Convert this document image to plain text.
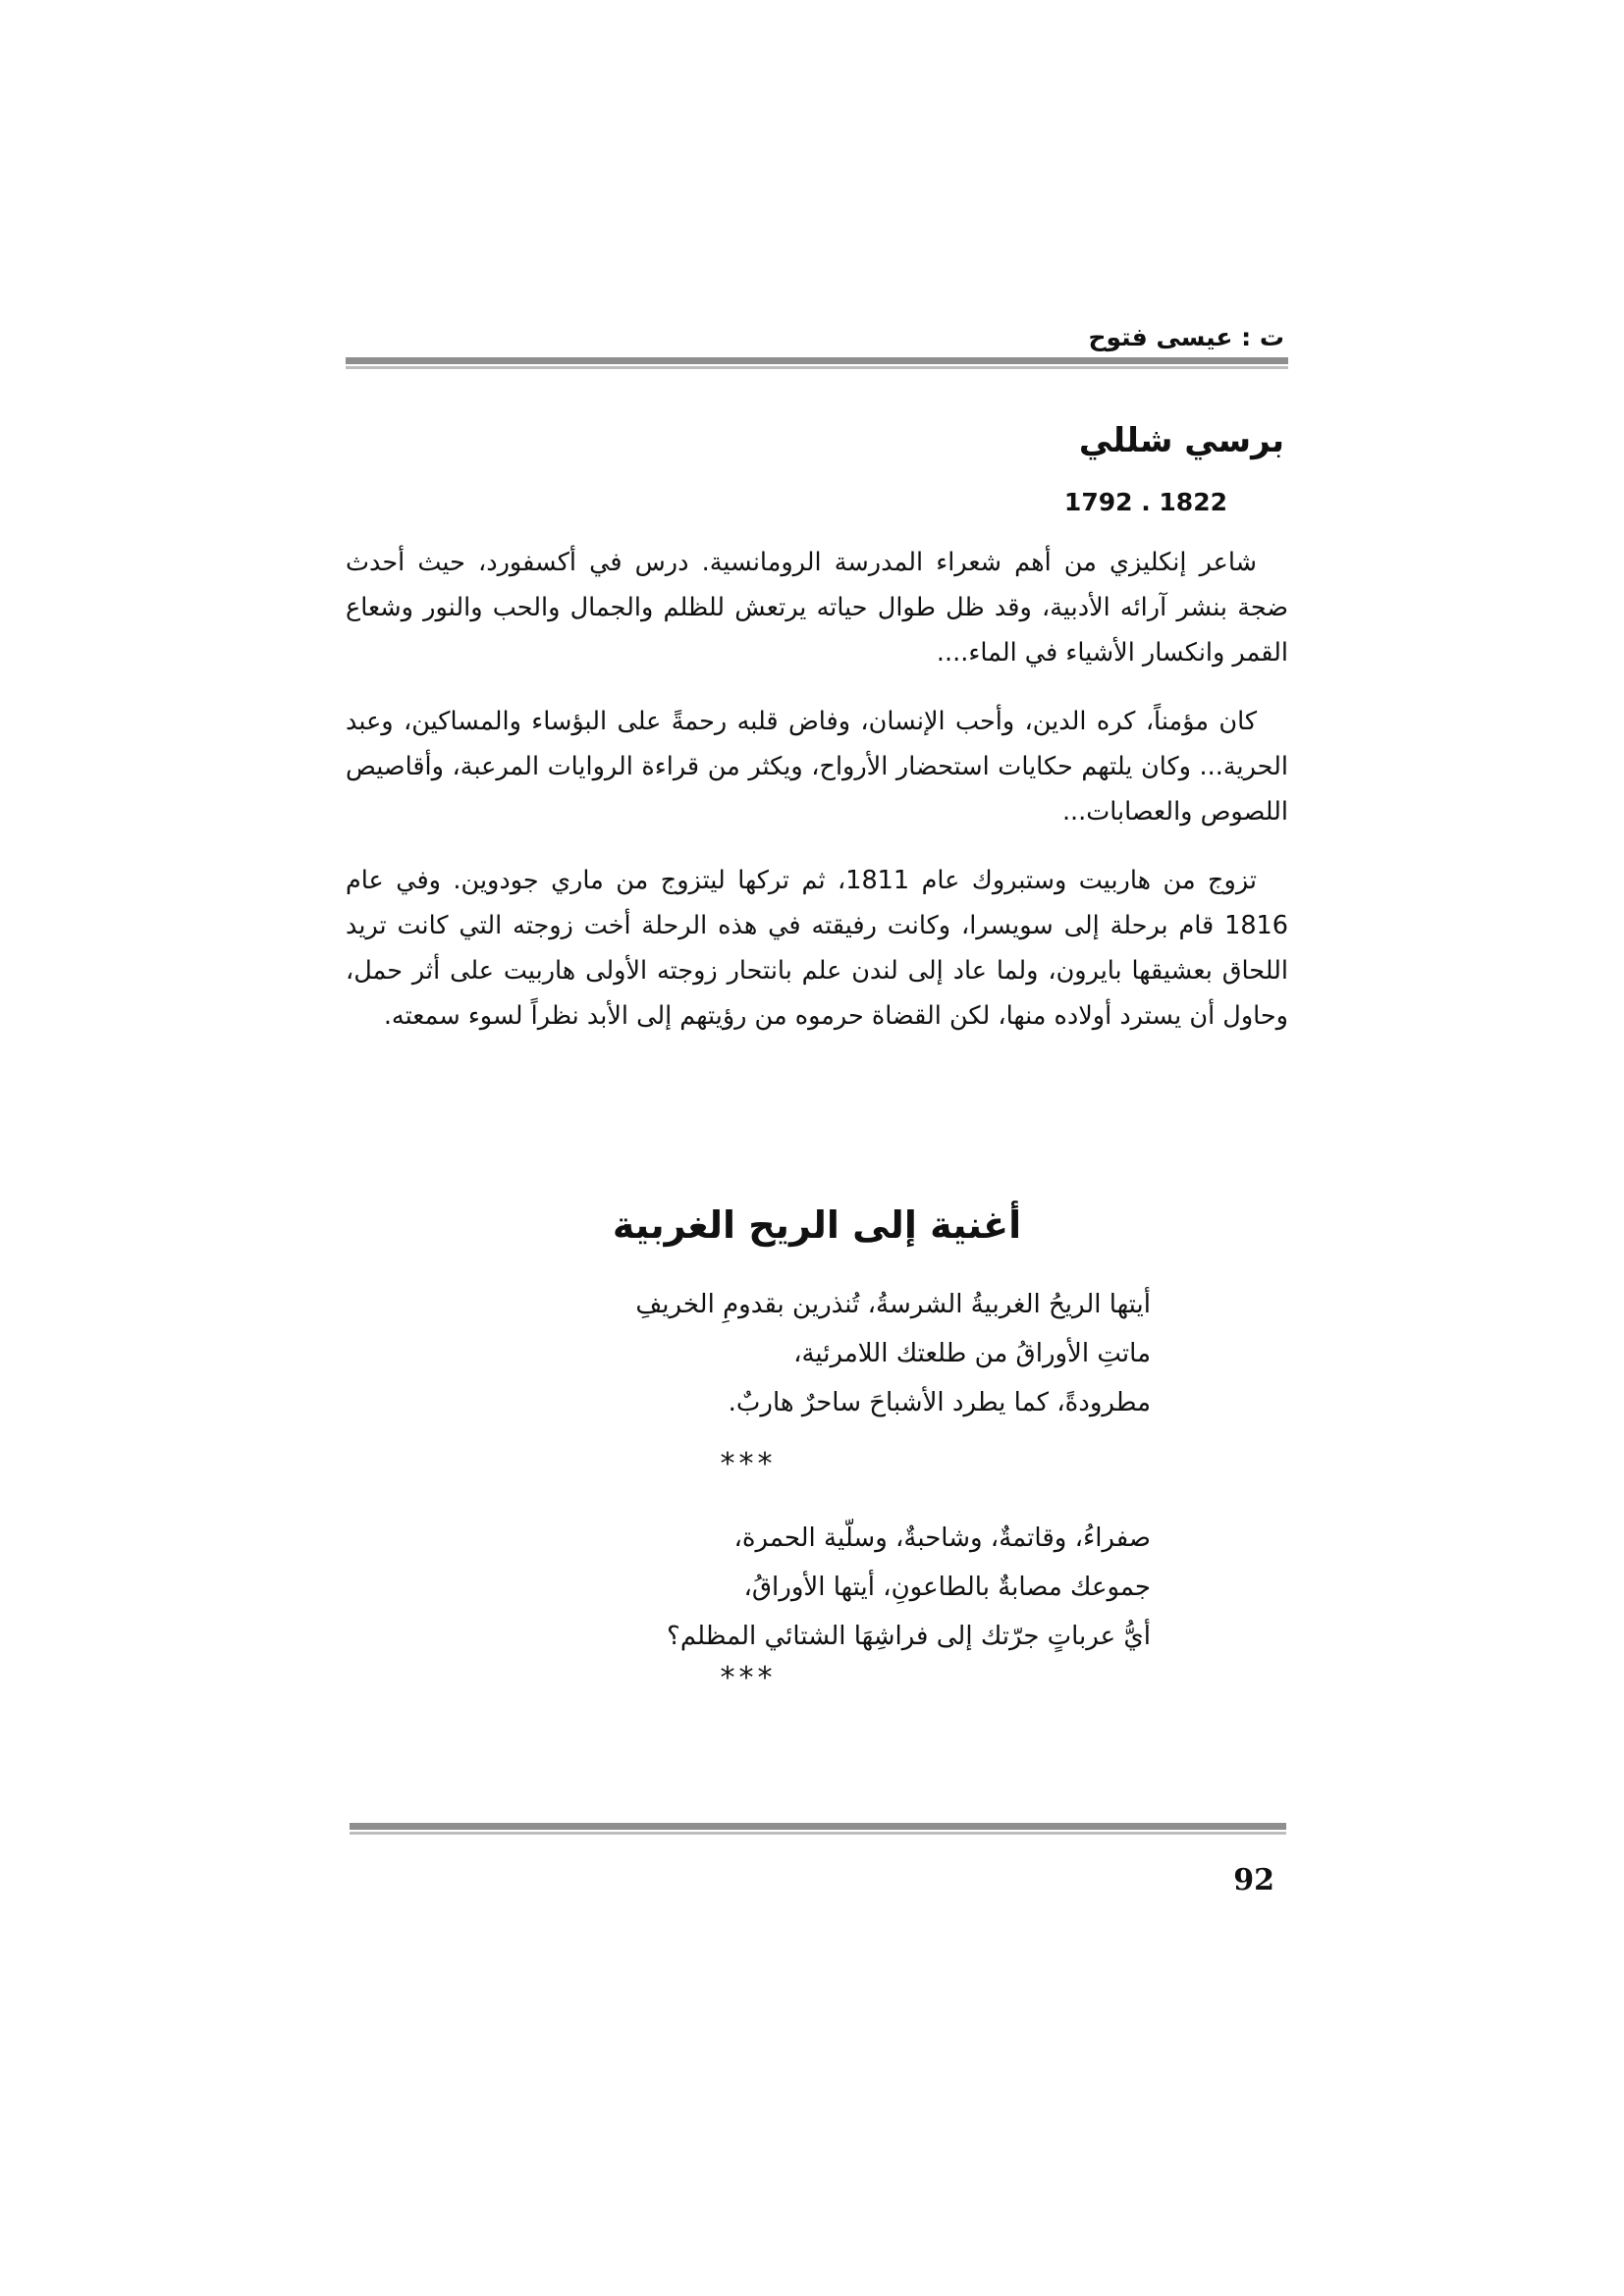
ت : عيسى فتوح
برسي شللي
1792 . 1822

شاعر إنكليزي من أهم شعراء المدرسة الرومانسية. درس في أكسفورد، حيث أحدث ضجة بنشر آرائه الأدبية، وقد ظل طوال حياته يرتعش للظلم والجمال والحب والنور وشعاع القمر وانكسار الأشياء في الماء....

كان مؤمناً، كره الدين، وأحب الإنسان، وفاض قلبه رحمةً على البؤساء والمساكين، وعبد الحرية... وكان يلتهم حكايات استحضار الأرواح، ويكثر من قراءة الروايات المرعبة، وأقاصيص اللصوص والعصابات...

تزوج من هاربيت وستبروك عام 1811، ثم تركها ليتزوج من ماري جودوين. وفي عام 1816 قام برحلة إلى سويسرا، وكانت رفيقته في هذه الرحلة أخت زوجته التي كانت تريد اللحاق بعشيقها بايرون، ولما عاد إلى لندن علم بانتحار زوجته الأولى هاربيت على أثر حمل، وحاول أن يسترد أولاده منها، لكن القضاة حرموه من رؤيتهم إلى الأبد نظراً لسوء سمعته.

أغنية إلى الريح الغربية
أيتها الريحُ الغربيةُ الشرسةُ، تُنذرين بقدومِ الخريفِ
ماتتِ الأوراقُ من طلعتك اللامرئية،
مطرودةً، كما يطرد الأشباحَ ساحرٌ هاربٌ.
***
صفراءُ، وقاتمةٌ، وشاحبةٌ، وسلّية الحمرة،
جموعك مصابةٌ بالطاعونِ، أيتها الأوراقُ،
أيُّ عرباتٍ جرّتك إلى فراشِهَا الشتائي المظلم؟
***
92
